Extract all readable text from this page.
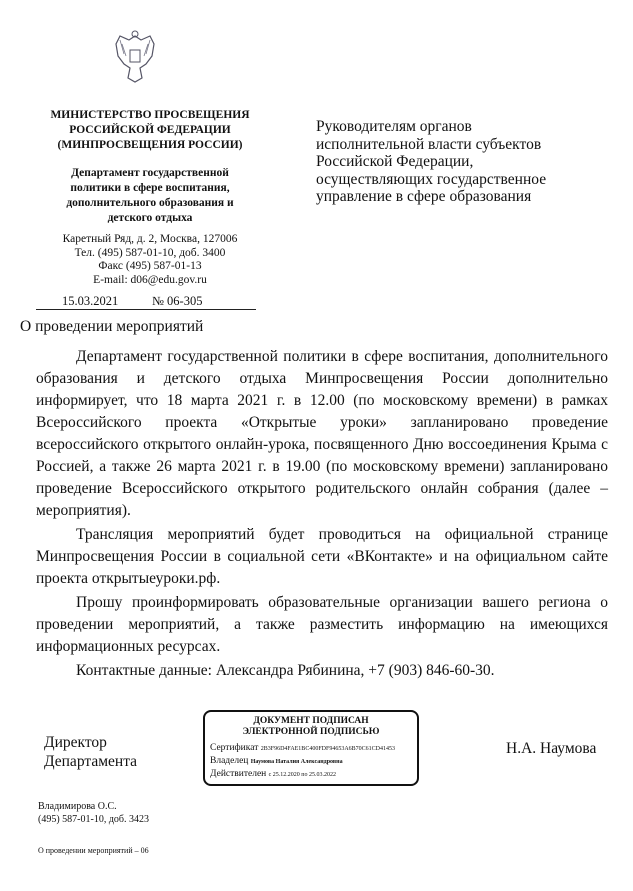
МИНИСТЕРСТВО ПРОСВЕЩЕНИЯ
РОССИЙСКОЙ ФЕДЕРАЦИИ
(МИНПРОСВЕЩЕНИЯ РОССИИ)
Департамент государственной
политики в сфере воспитания,
дополнительного образования и
детского отдыха
Каретный Ряд, д. 2, Москва, 127006
Тел. (495) 587-01-10, доб. 3400
Факс (495) 587-01-13
E-mail: d06@edu.gov.ru
15.03.2021	№ 06-305
Руководителям органов исполнительной власти субъектов Российской Федерации, осуществляющих государственное управление в сфере образования
О проведении мероприятий

Департамент государственной политики в сфере воспитания, дополнительного образования и детского отдыха Минпросвещения России дополнительно информирует, что 18 марта 2021 г. в 12.00 (по московскому времени) в рамках Всероссийского проекта «Открытые уроки» запланировано проведение всероссийского открытого онлайн-урока, посвященного Дню воссоединения Крыма с Россией, а также 26 марта 2021 г. в 19.00 (по московскому времени) запланировано проведение Всероссийского открытого родительского онлайн собрания (далее – мероприятия).

Трансляция мероприятий будет проводиться на официальной странице Минпросвещения России в социальной сети «ВКонтакте» и на официальном сайте проекта открытыеуроки.рф.

Прошу проинформировать образовательные организации вашего региона о проведении мероприятий, а также разместить информацию на имеющихся информационных ресурсах.

Контактные данные: Александра Рябинина, +7 (903) 846-60-30.

Директор
Департамента
ДОКУМЕНТ ПОДПИСАН
ЭЛЕКТРОННОЙ ПОДПИСЬЮ
Сертификат 2B3F96D4FAE1BC400FDF94653A6B70C61CD41453
Владелец Наумова Наталия Александровна
Действителен с 25.12.2020 по 25.03.2022
Н.А. Наумова
Владимирова О.С.
(495) 587-01-10, доб. 3423
О проведении мероприятий – 06
